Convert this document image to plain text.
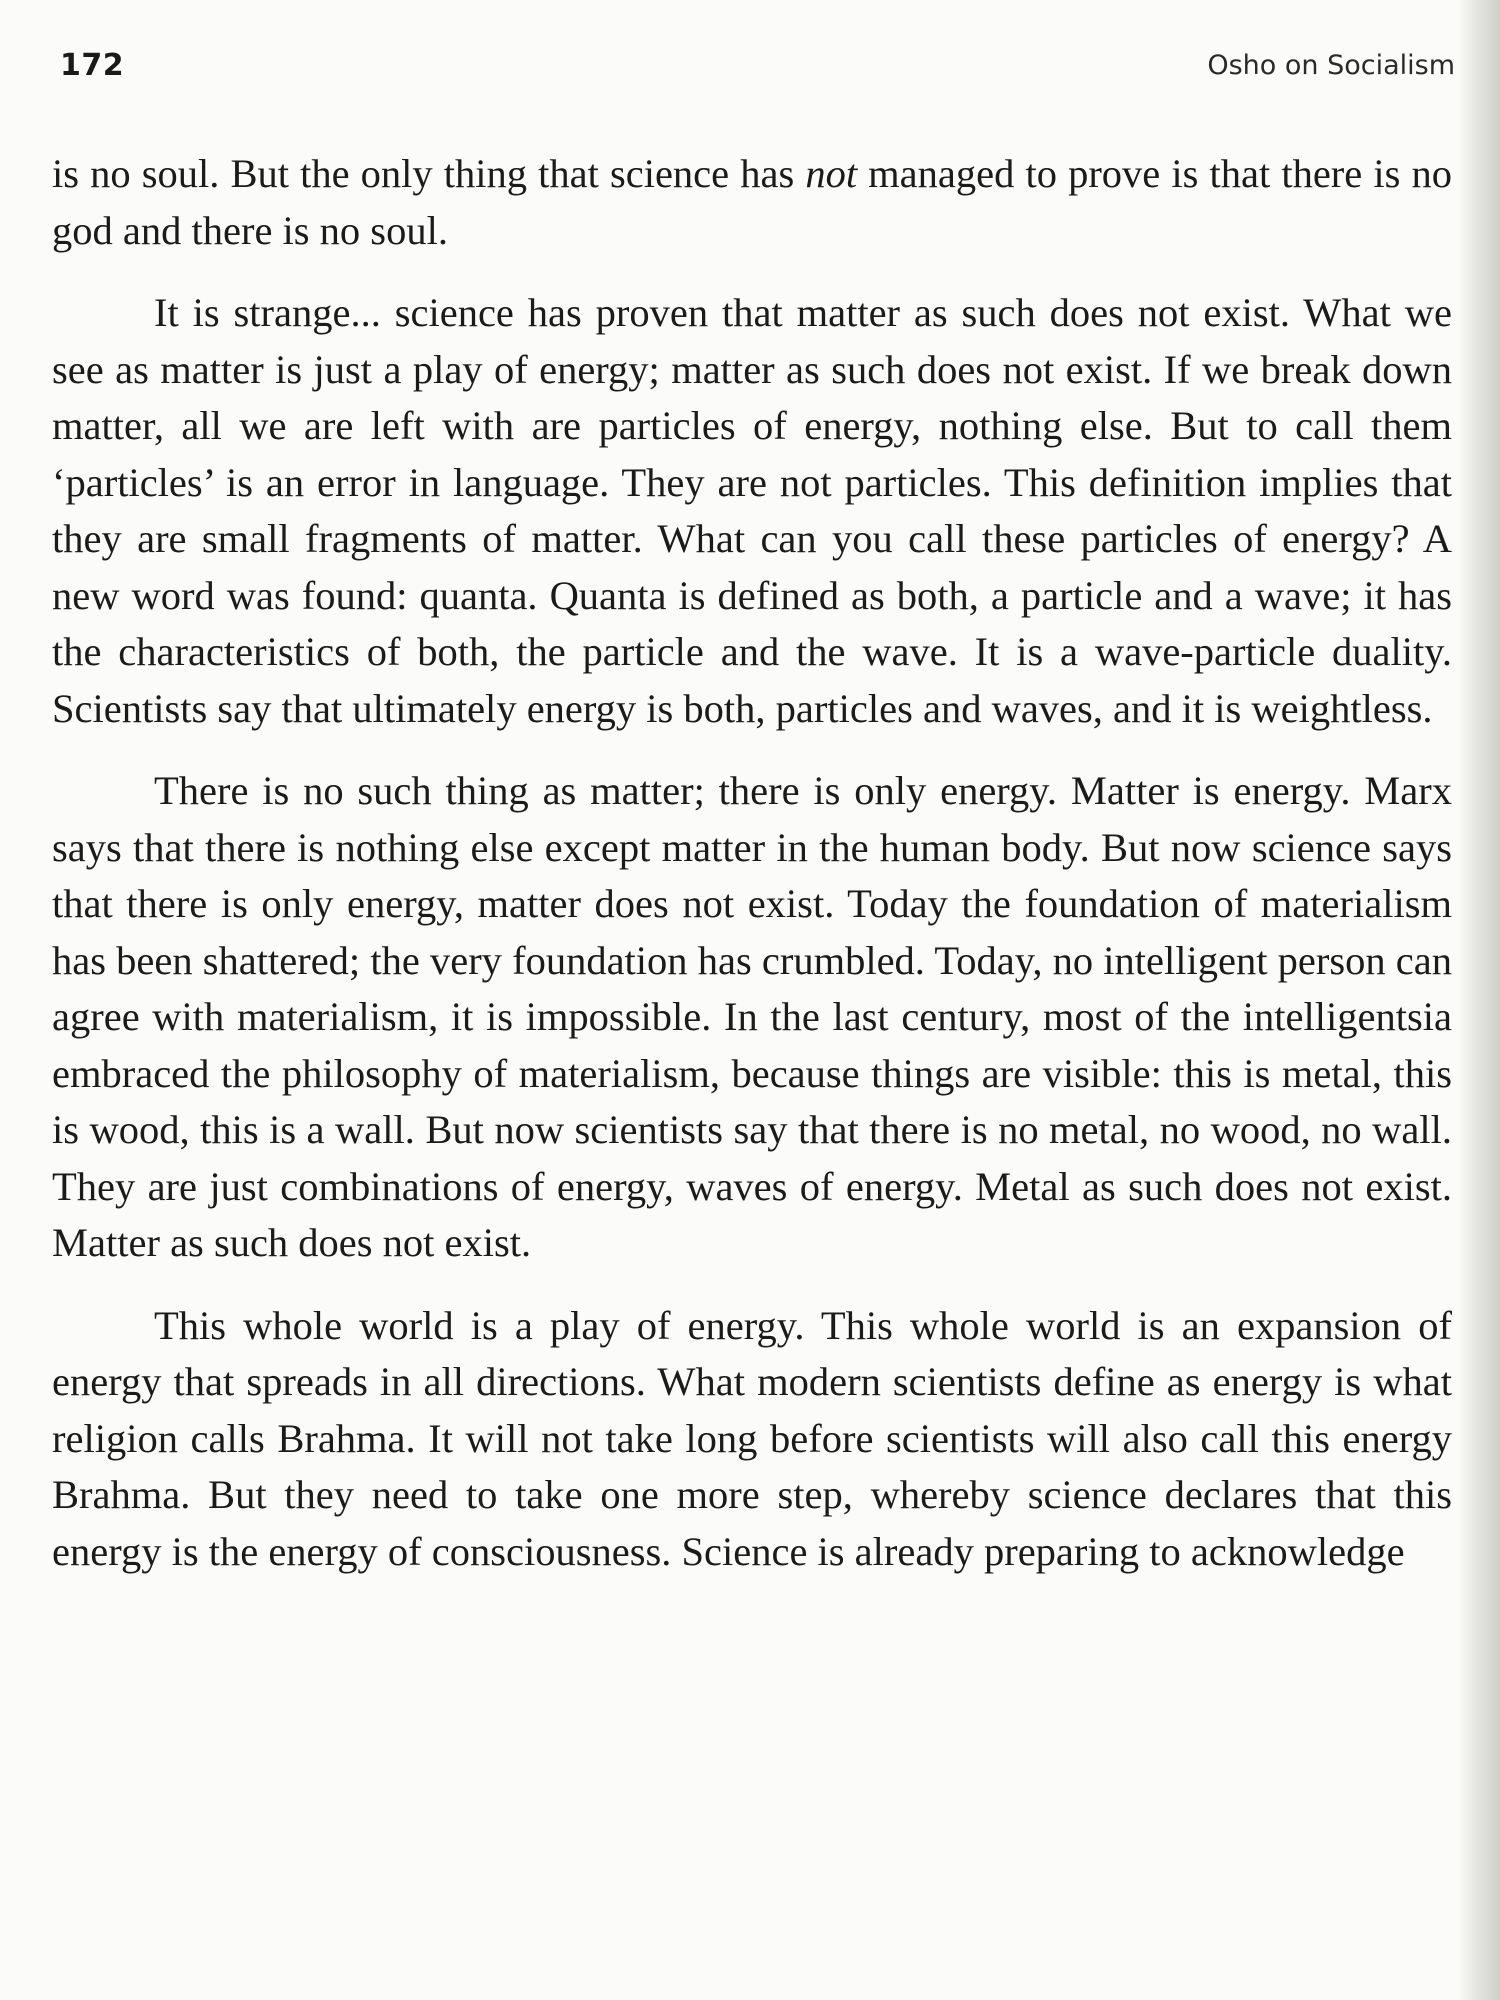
172	Osho on Socialism

is no soul. But the only thing that science has not managed to prove is that there is no god and there is no soul.

It is strange... science has proven that matter as such does not exist. What we see as matter is just a play of energy; matter as such does not exist. If we break down matter, all we are left with are particles of energy, nothing else. But to call them ‘particles’ is an error in language. They are not particles. This definition implies that they are small fragments of matter. What can you call these particles of energy? A new word was found: quanta. Quanta is defined as both, a particle and a wave; it has the characteristics of both, the particle and the wave. It is a wave-particle duality. Scientists say that ultimately energy is both, particles and waves, and it is weightless.

There is no such thing as matter; there is only energy. Matter is energy. Marx says that there is nothing else except matter in the human body. But now science says that there is only energy, matter does not exist. Today the foundation of materialism has been shattered; the very foundation has crumbled. Today, no intelligent person can agree with materialism, it is impossible. In the last century, most of the intelligentsia embraced the philosophy of materialism, because things are visible: this is metal, this is wood, this is a wall. But now scientists say that there is no metal, no wood, no wall. They are just combinations of energy, waves of energy. Metal as such does not exist. Matter as such does not exist.

This whole world is a play of energy. This whole world is an expansion of energy that spreads in all directions. What modern scientists define as energy is what religion calls Brahma. It will not take long before scientists will also call this energy Brahma. But they need to take one more step, whereby science declares that this energy is the energy of consciousness. Science is already preparing to acknowledge
